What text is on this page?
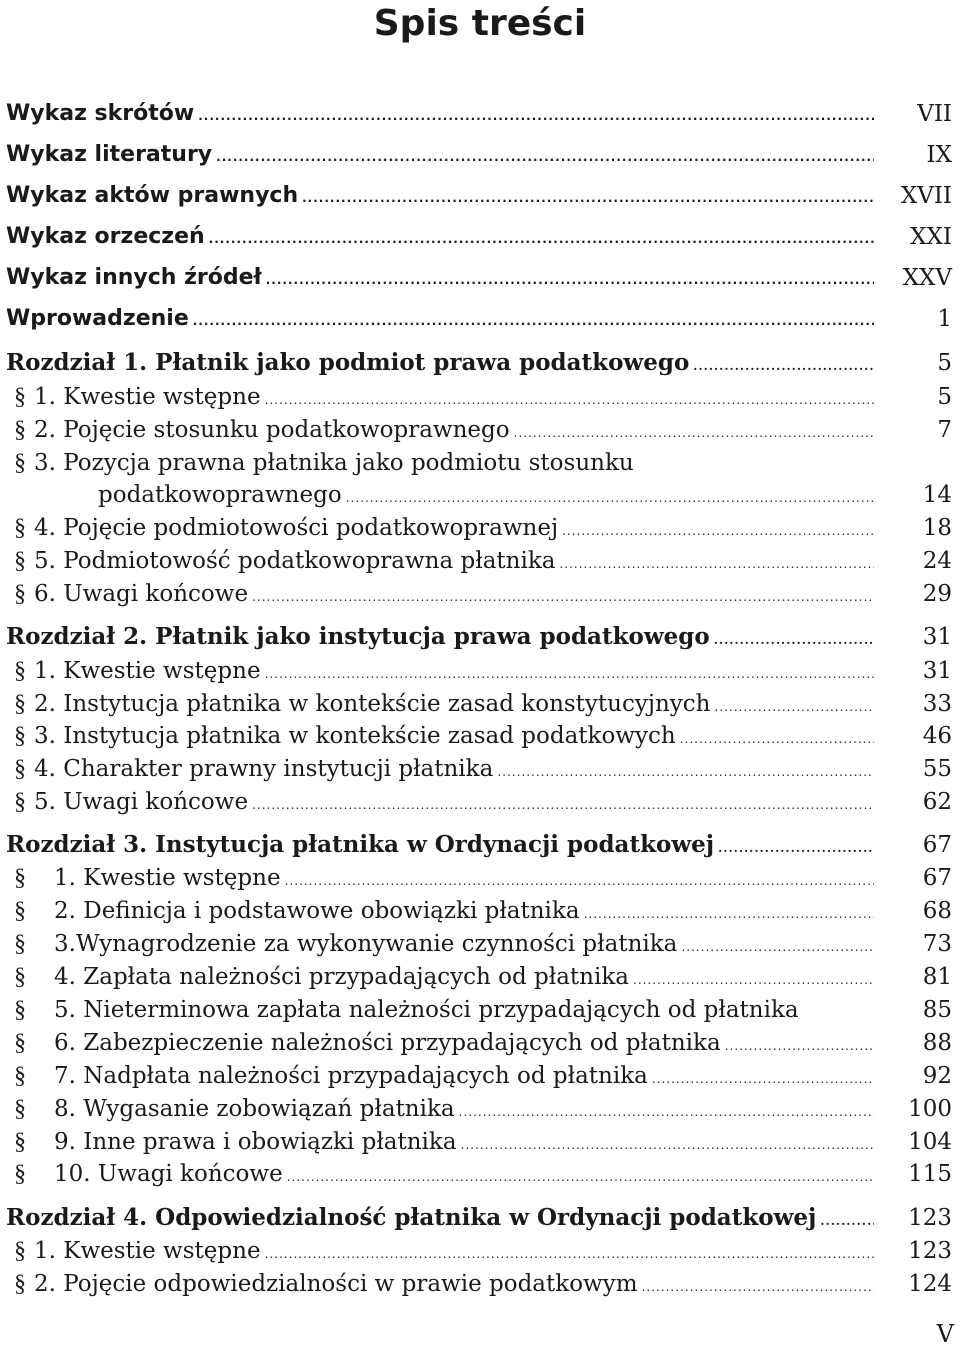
Spis treści
Wykaz skrótów .....	VII
Wykaz literatury .....	IX
Wykaz aktów prawnych .....	XVII
Wykaz orzeczeń .....	XXI
Wykaz innych źródeł .....	XXV
Wprowadzenie .....	1
Rozdział 1. Płatnik jako podmiot prawa podatkowego .....	5
§ 1. Kwestie wstępne .....	5
§ 2. Pojęcie stosunku podatkowoprawnego .....	7
§ 3. Pozycja prawna płatnika jako podmiotu stosunku
podatkowoprawnego .....	14
§ 4. Pojęcie podmiotowości podatkowoprawnej .....	18
§ 5. Podmiotowość podatkowoprawna płatnika .....	24
§ 6. Uwagi końcowe .....	29
Rozdział 2. Płatnik jako instytucja prawa podatkowego .....	31
§ 1. Kwestie wstępne .....	31
§ 2. Instytucja płatnika w kontekście zasad konstytucyjnych .....	33
§ 3. Instytucja płatnika w kontekście zasad podatkowych .....	46
§ 4. Charakter prawny instytucji płatnika .....	55
§ 5. Uwagi końcowe .....	62
Rozdział 3. Instytucja płatnika w Ordynacji podatkowej .....	67
§	1. Kwestie wstępne .....	67
§	2. Definicja i podstawowe obowiązki płatnika .....	68
§	3.Wynagrodzenie za wykonywanie czynności płatnika .....	73
§	4. Zapłata należności przypadających od płatnika .....	81
§	5. Nieterminowa zapłata należności przypadających od płatnika	85
§	6. Zabezpieczenie należności przypadających od płatnika .....	88
§	7. Nadpłata należności przypadających od płatnika .....	92
§	8. Wygasanie zobowiązań płatnika .....	100
§	9. Inne prawa i obowiązki płatnika .....	104
§	10. Uwagi końcowe .....	115
Rozdział 4. Odpowiedzialność płatnika w Ordynacji podatkowej .....	123
§ 1. Kwestie wstępne .....	123
§ 2. Pojęcie odpowiedzialności w prawie podatkowym .....	124
V
